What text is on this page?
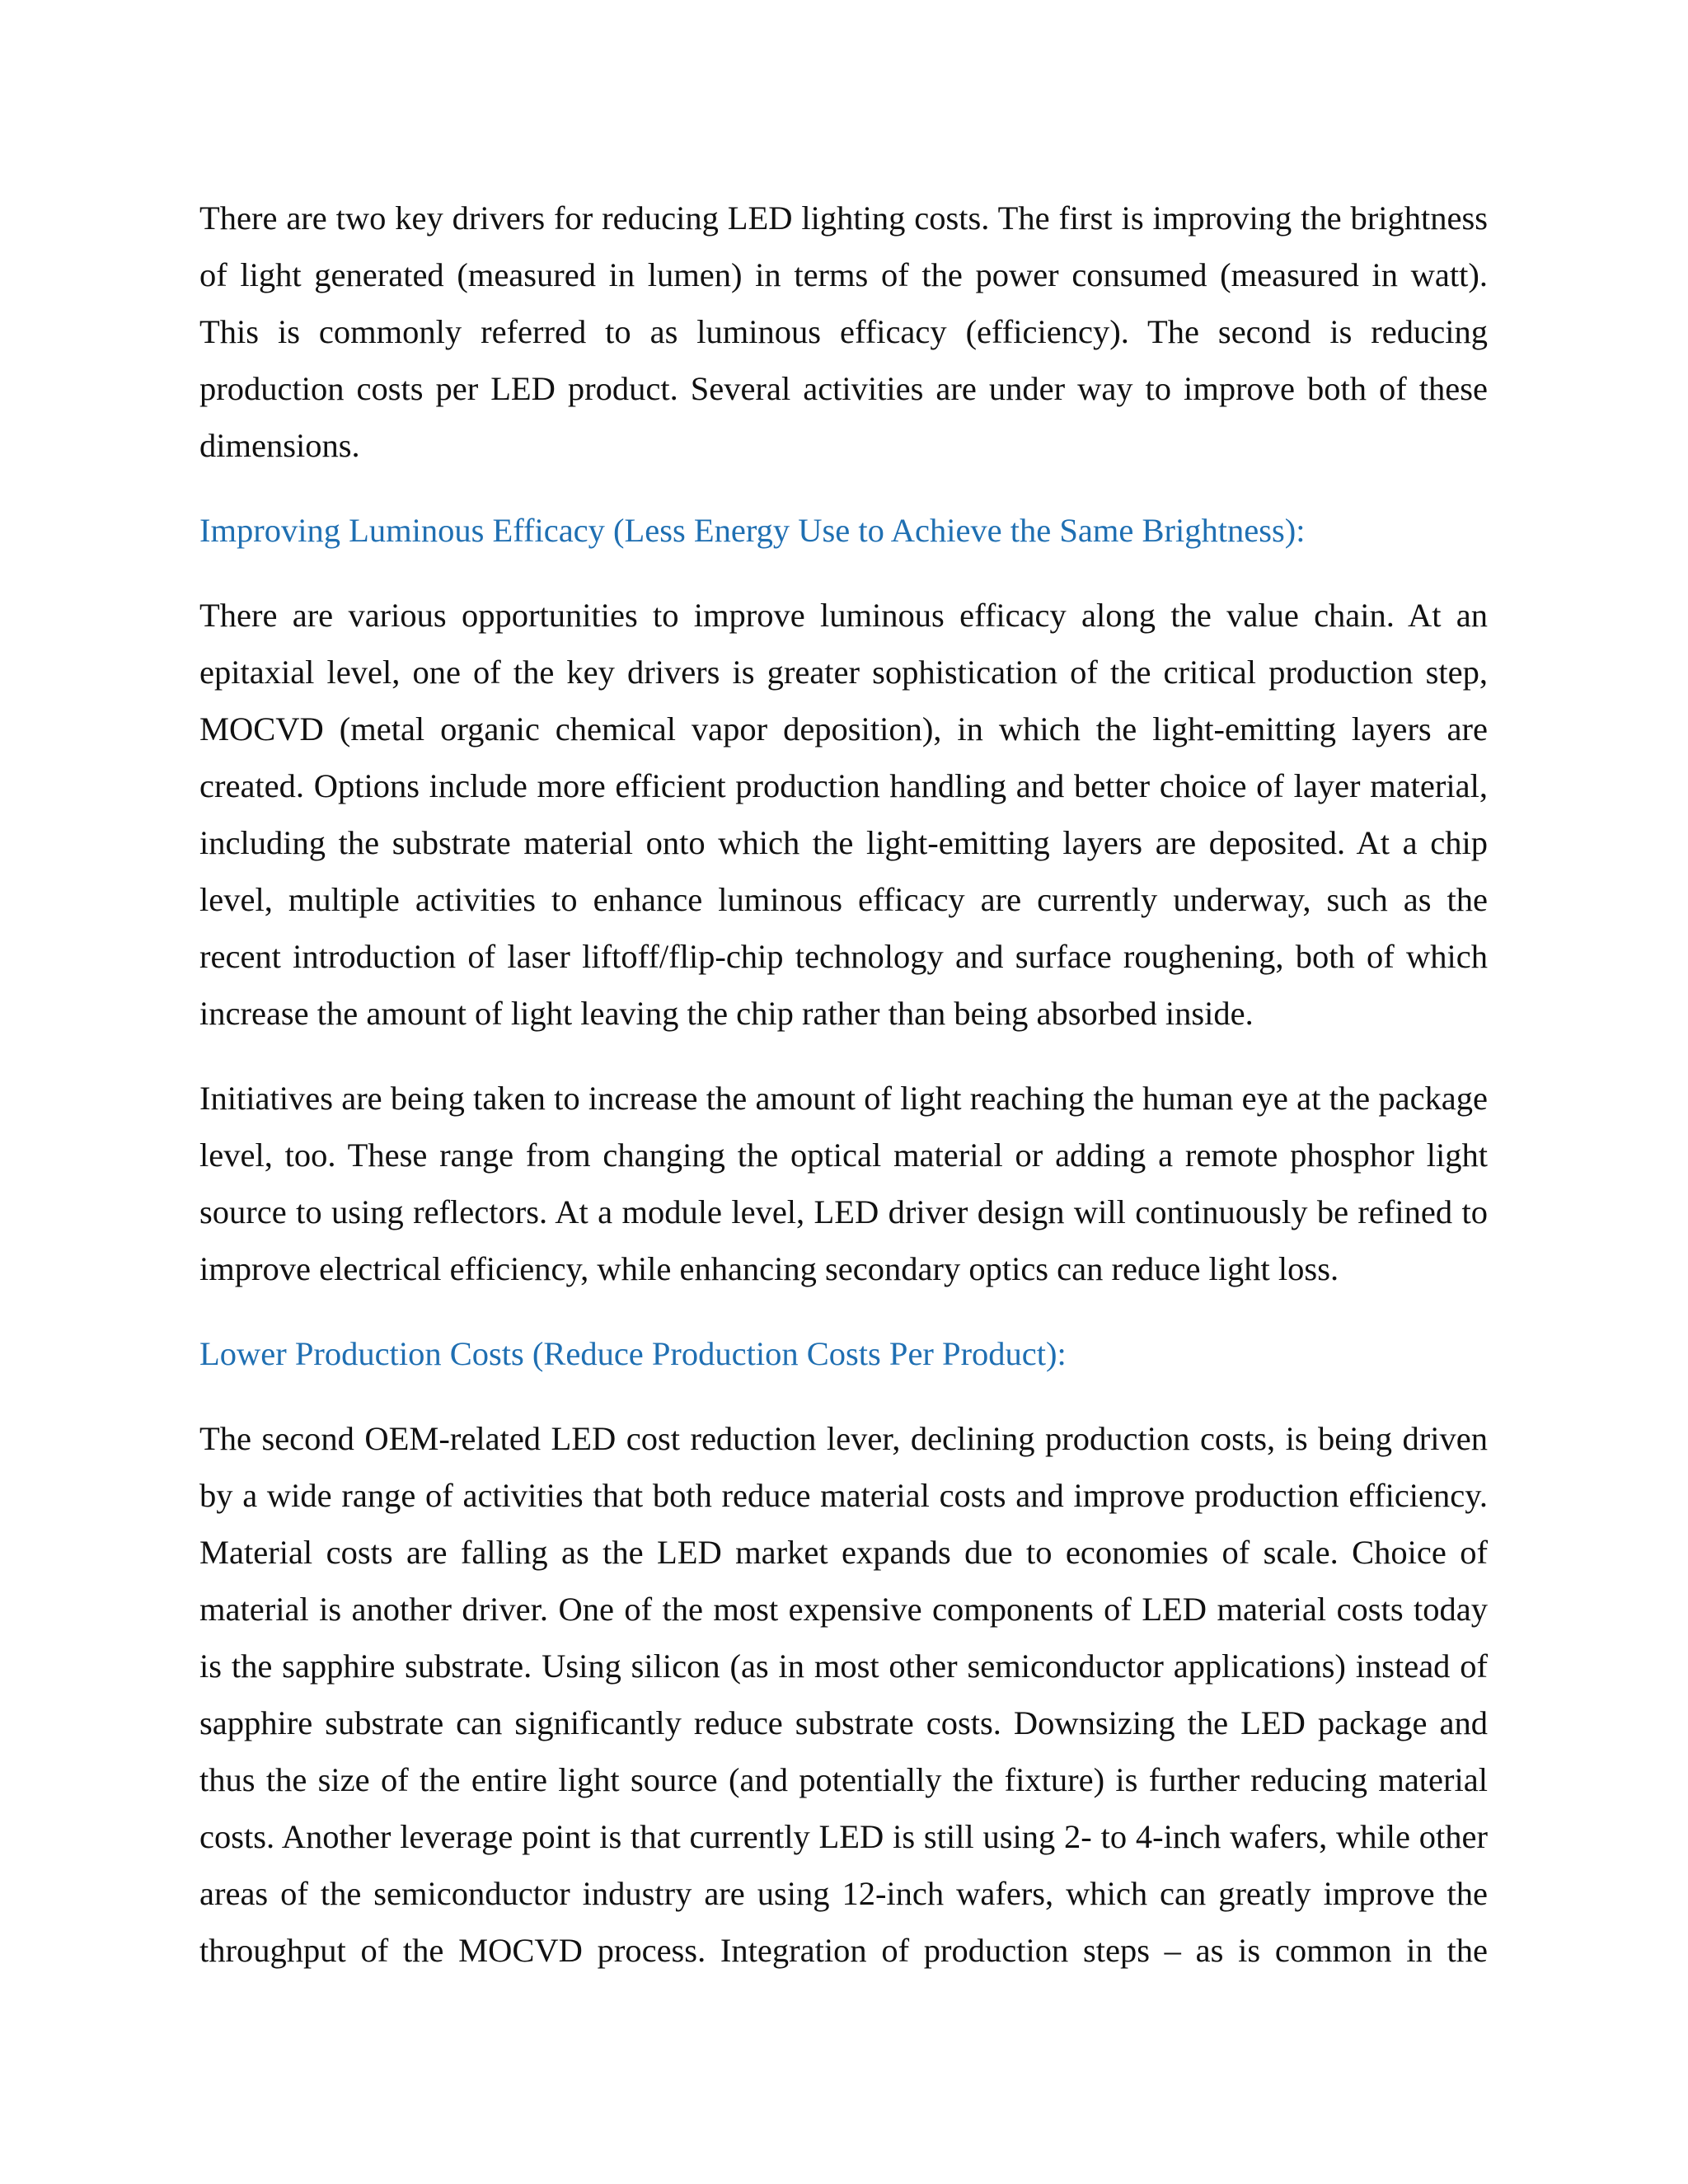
There are two key drivers for reducing LED lighting costs. The first is improving the brightness of light generated (measured in lumen) in terms of the power consumed (measured in watt). This is commonly referred to as luminous efficacy (efficiency). The second is reducing production costs per LED product. Several activities are under way to improve both of these dimensions.

Improving Luminous Efficacy (Less Energy Use to Achieve the Same Brightness):

There are various opportunities to improve luminous efficacy along the value chain. At an epitaxial level, one of the key drivers is greater sophistication of the critical production step, MOCVD (metal organic chemical vapor deposition), in which the light-emitting layers are created. Options include more efficient production handling and better choice of layer material, including the substrate material onto which the light-emitting layers are deposited. At a chip level, multiple activities to enhance luminous efficacy are currently underway, such as the recent introduction of laser liftoff/flip-chip technology and surface roughening, both of which increase the amount of light leaving the chip rather than being absorbed inside.

Initiatives are being taken to increase the amount of light reaching the human eye at the package level, too. These range from changing the optical material or adding a remote phosphor light source to using reflectors. At a module level, LED driver design will continuously be refined to improve electrical efficiency, while enhancing secondary optics can reduce light loss.

Lower Production Costs (Reduce Production Costs Per Product):

The second OEM-related LED cost reduction lever, declining production costs, is being driven by a wide range of activities that both reduce material costs and improve production efficiency. Material costs are falling as the LED market expands due to economies of scale. Choice of material is another driver. One of the most expensive components of LED material costs today is the sapphire substrate. Using silicon (as in most other semiconductor applications) instead of sapphire substrate can significantly reduce substrate costs. Downsizing the LED package and thus the size of the entire light source (and potentially the fixture) is further reducing material costs. Another leverage point is that currently LED is still using 2- to 4-inch wafers, while other areas of the semiconductor industry are using 12-inch wafers, which can greatly improve the throughput of the MOCVD process. Integration of production steps – as is common in the
